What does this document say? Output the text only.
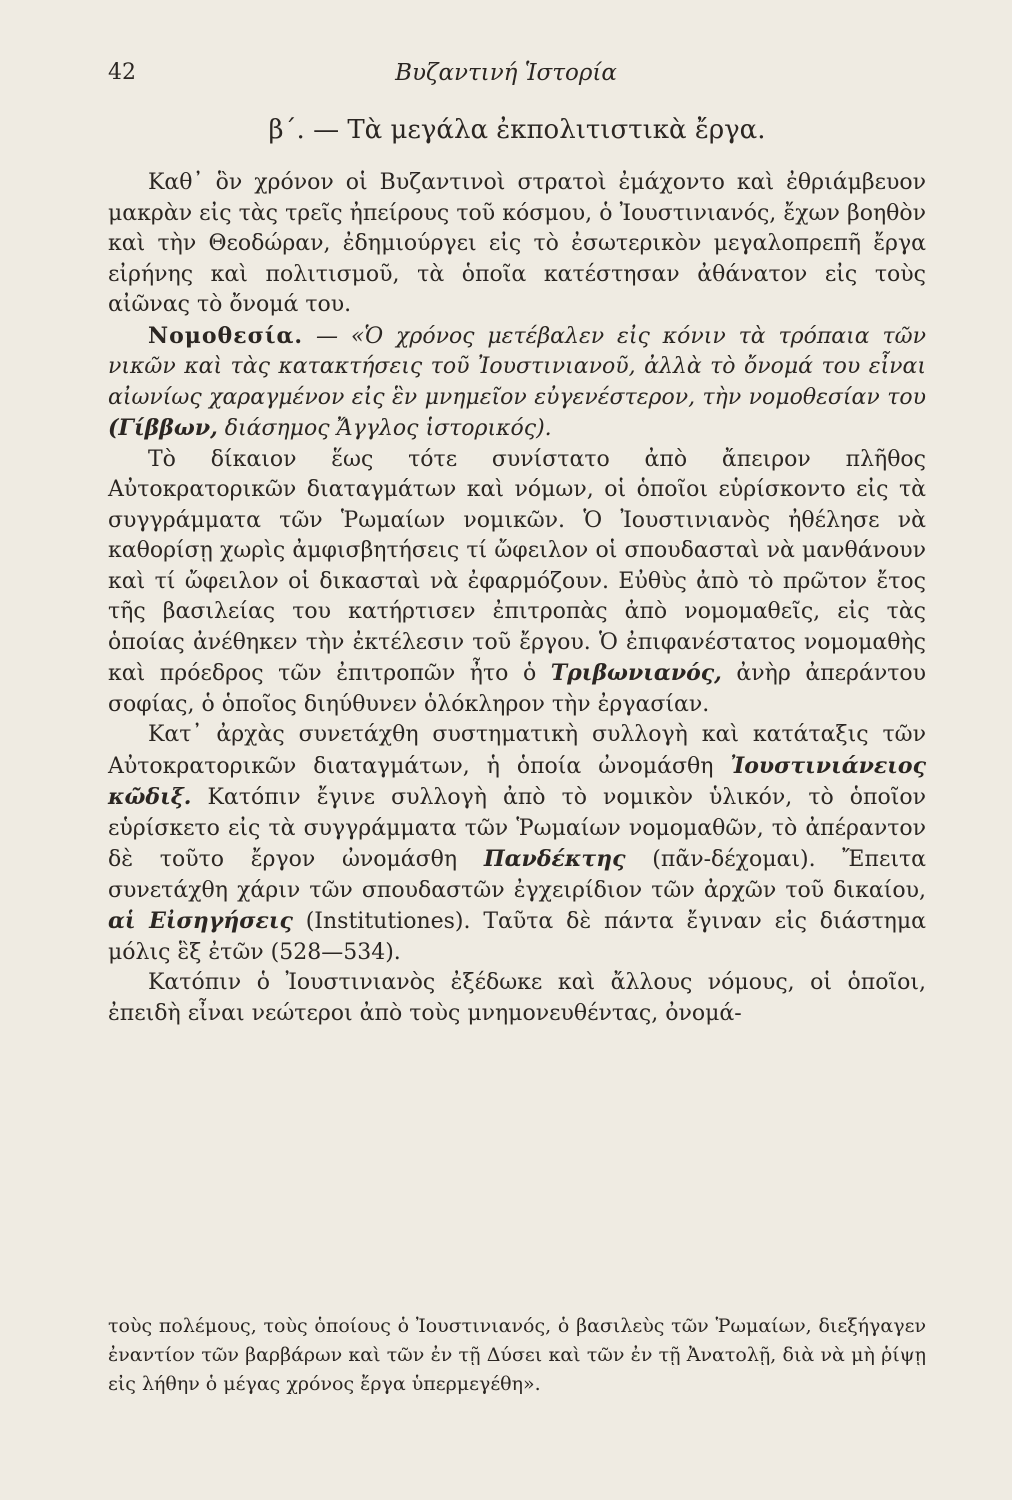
42	Βυζαντινή Ἱστορία
β΄. — Τὰ μεγάλα ἐκπολιτιστικὰ ἔργα.

Καθ᾽ ὃν χρόνον οἱ Βυζαντινοὶ στρατοὶ ἐμάχοντο καὶ ἐθριάμβευον μακρὰν εἰς τὰς τρεῖς ἠπείρους τοῦ κόσμου, ὁ Ἰουστινιανός, ἔχων βοηθὸν καὶ τὴν Θεοδώραν, ἐδημιούργει εἰς τὸ ἐσωτερικὸν μεγαλοπρεπῆ ἔργα εἰρήνης καὶ πολιτισμοῦ, τὰ ὁποῖα κατέστησαν ἀθάνατον εἰς τοὺς αἰῶνας τὸ ὄνομά του.

Νομοθεσία. — «Ὁ χρόνος μετέβαλεν εἰς κόνιν τὰ τρόπαια τῶν νικῶν καὶ τὰς κατακτήσεις τοῦ Ἰουστινιανοῦ, ἀλλὰ τὸ ὄνομά του εἶναι αἰωνίως χαραγμένον εἰς ἓν μνημεῖον εὐγενέστερον, τὴν νομοθεσίαν του (Γίββων, διάσημος Ἄγγλος ἱστορικός).

Τὸ δίκαιον ἕως τότε συνίστατο ἀπὸ ἄπειρον πλῆθος Αὐτοκρατορικῶν διαταγμάτων καὶ νόμων, οἱ ὁποῖοι εὑρίσκοντο εἰς τὰ συγγράμματα τῶν Ῥωμαίων νομικῶν. Ὁ Ἰουστινιανὸς ἠθέλησε νὰ καθορίσῃ χωρὶς ἀμφισβητήσεις τί ὤφειλον οἱ σπουδασταὶ νὰ μανθάνουν καὶ τί ὤφειλον οἱ δικασταὶ νὰ ἐφαρμόζουν. Εὐθὺς ἀπὸ τὸ πρῶτον ἔτος τῆς βασιλείας του κατήρτισεν ἐπιτροπὰς ἀπὸ νομομαθεῖς, εἰς τὰς ὁποίας ἀνέθηκεν τὴν ἐκτέλεσιν τοῦ ἔργου. Ὁ ἐπιφανέστατος νομομαθὴς καὶ πρόεδρος τῶν ἐπιτροπῶν ἦτο ὁ Τριβωνιανός, ἀνὴρ ἀπεράντου σοφίας, ὁ ὁποῖος διηύθυνεν ὁλόκληρον τὴν ἐργασίαν.

Κατ᾽ ἀρχὰς συνετάχθη συστηματικὴ συλλογὴ καὶ κατάταξις τῶν Αὐτοκρατορικῶν διαταγμάτων, ἡ ὁποία ὠνομάσθη Ἰουστινιάνειος κῶδιξ. Κατόπιν ἔγινε συλλογὴ ἀπὸ τὸ νομικὸν ὑλικόν, τὸ ὁποῖον εὑρίσκετο εἰς τὰ συγγράμματα τῶν Ῥωμαίων νομομαθῶν, τὸ ἀπέραντον δὲ τοῦτο ἔργον ὠνομάσθη Πανδέκτης (πᾶν-δέχομαι). Ἔπειτα συνετάχθη χάριν τῶν σπουδαστῶν ἐγχειρίδιον τῶν ἀρχῶν τοῦ δικαίου, αἱ Εἰσηγήσεις (Institutiones). Ταῦτα δὲ πάντα ἔγιναν εἰς διάστημα μόλις ἓξ ἐτῶν (528—534).

Κατόπιν ὁ Ἰουστινιανὸς ἐξέδωκε καὶ ἄλλους νόμους, οἱ ὁποῖοι, ἐπειδὴ εἶναι νεώτεροι ἀπὸ τοὺς μνημονευθέντας, ὀνομά-

τοὺς πολέμους, τοὺς ὁποίους ὁ Ἰουστινιανός, ὁ βασιλεὺς τῶν Ῥωμαίων, διεξήγαγεν ἐναντίον τῶν βαρβάρων καὶ τῶν ἐν τῇ Δύσει καὶ τῶν ἐν τῇ Ἀνατολῇ, διὰ νὰ μὴ ῥίψῃ εἰς λήθην ὁ μέγας χρόνος ἔργα ὑπερμεγέθη».
